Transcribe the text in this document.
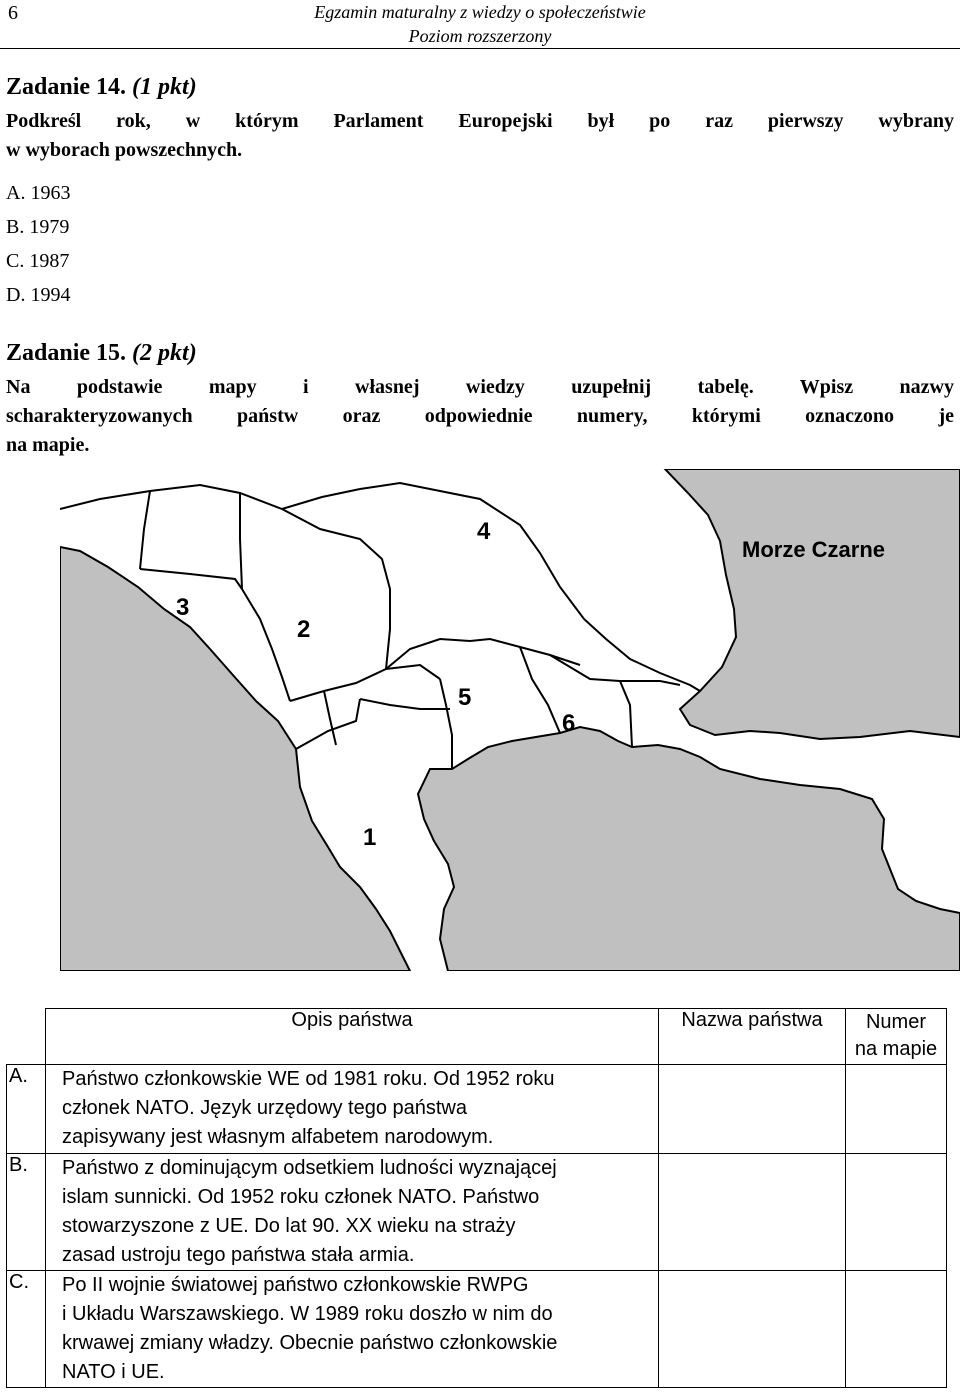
6	Egzamin maturalny z wiedzy o społeczeństwie
Poziom rozszerzony
Zadanie 14. (1 pkt)
Podkreśl rok, w którym Parlament Europejski był po raz pierwszy wybrany
w wyborach powszechnych.
A. 1963
B. 1979
C. 1987
D. 1994
Zadanie 15. (2 pkt)
Na podstawie mapy i własnej wiedzy uzupełnij tabelę. Wpisz nazwy
scharakteryzowanych państw oraz odpowiednie numery, którymi oznaczono je
na mapie.
Morze Czarne
1
2
3
4
5
6
	Opis państwa	Nazwa państwa	Numer
na mapie

A.	Państwo członkowskie WE od 1981 roku. Od 1952 roku
członek NATO. Język urzędowy tego państwa
zapisywany jest własnym alfabetem narodowym.		

B.	Państwo z dominującym odsetkiem ludności wyznającej
islam sunnicki. Od 1952 roku członek NATO. Państwo
stowarzyszone z UE. Do lat 90. XX wieku na straży
zasad ustroju tego państwa stała armia.		

C.	Po II wojnie światowej państwo członkowskie RWPG
i Układu Warszawskiego. W 1989 roku doszło w nim do
krwawej zmiany władzy. Obecnie państwo członkowskie
NATO i UE.		
